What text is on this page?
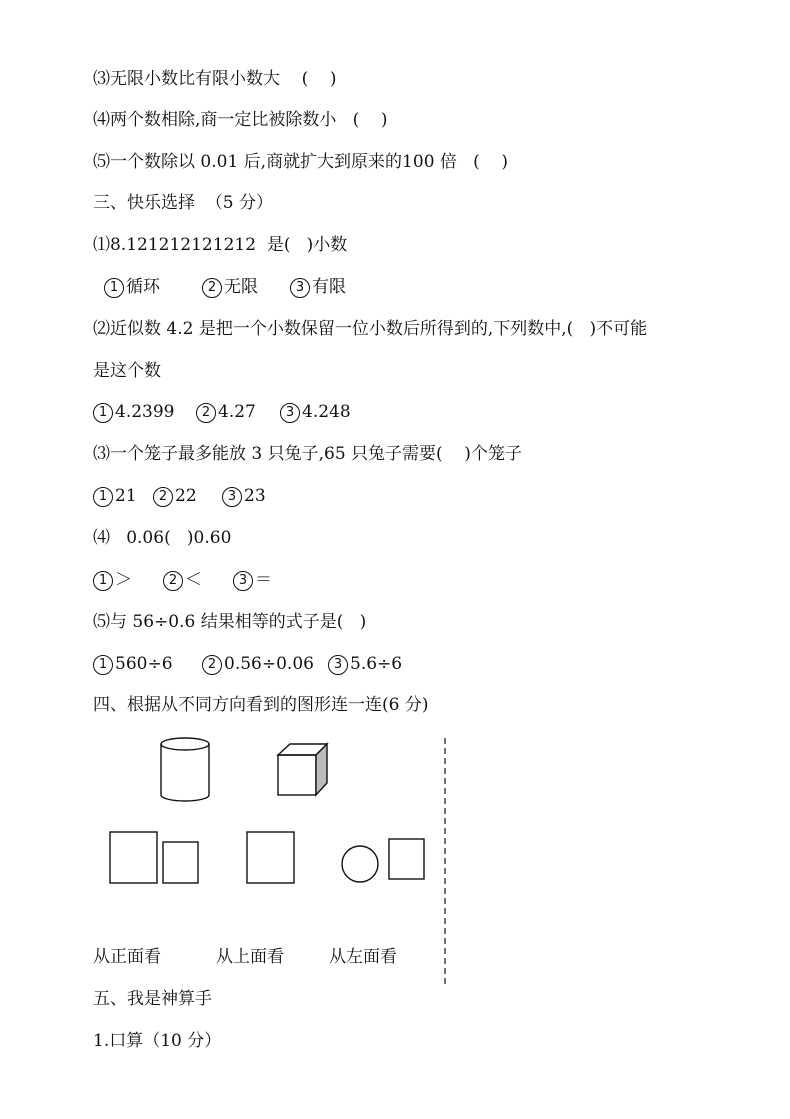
⑶无限小数比有限小数大    (    )
⑷两个数相除,商一定比被除数小   (    )
⑸一个数除以 0.01 后,商就扩大到原来的100 倍   (    )
三、快乐选择  （5 分）
⑴8.121212121212  是(   )小数
1 循环	2 无限	3 有限
⑵近似数 4.2 是把一个小数保留一位小数后所得到的,下列数中,(   )不可能
是这个数
1 4.2399	2 4.27	3 4.248
⑶一个笼子最多能放 3 只兔子,65 只兔子需要(    )个笼子
1 21	2 22	3 23
⑷   0.06(   )0.60
1 ＞	2 ＜	3 ＝
⑸与 56÷0.6 结果相等的式子是(   )
1 560÷6	2 0.56÷0.06	3 5.6÷6
四、根据从不同方向看到的图形连一连(6 分)
从正面看	从上面看	从左面看
五、我是神算手
1.口算（10 分）
